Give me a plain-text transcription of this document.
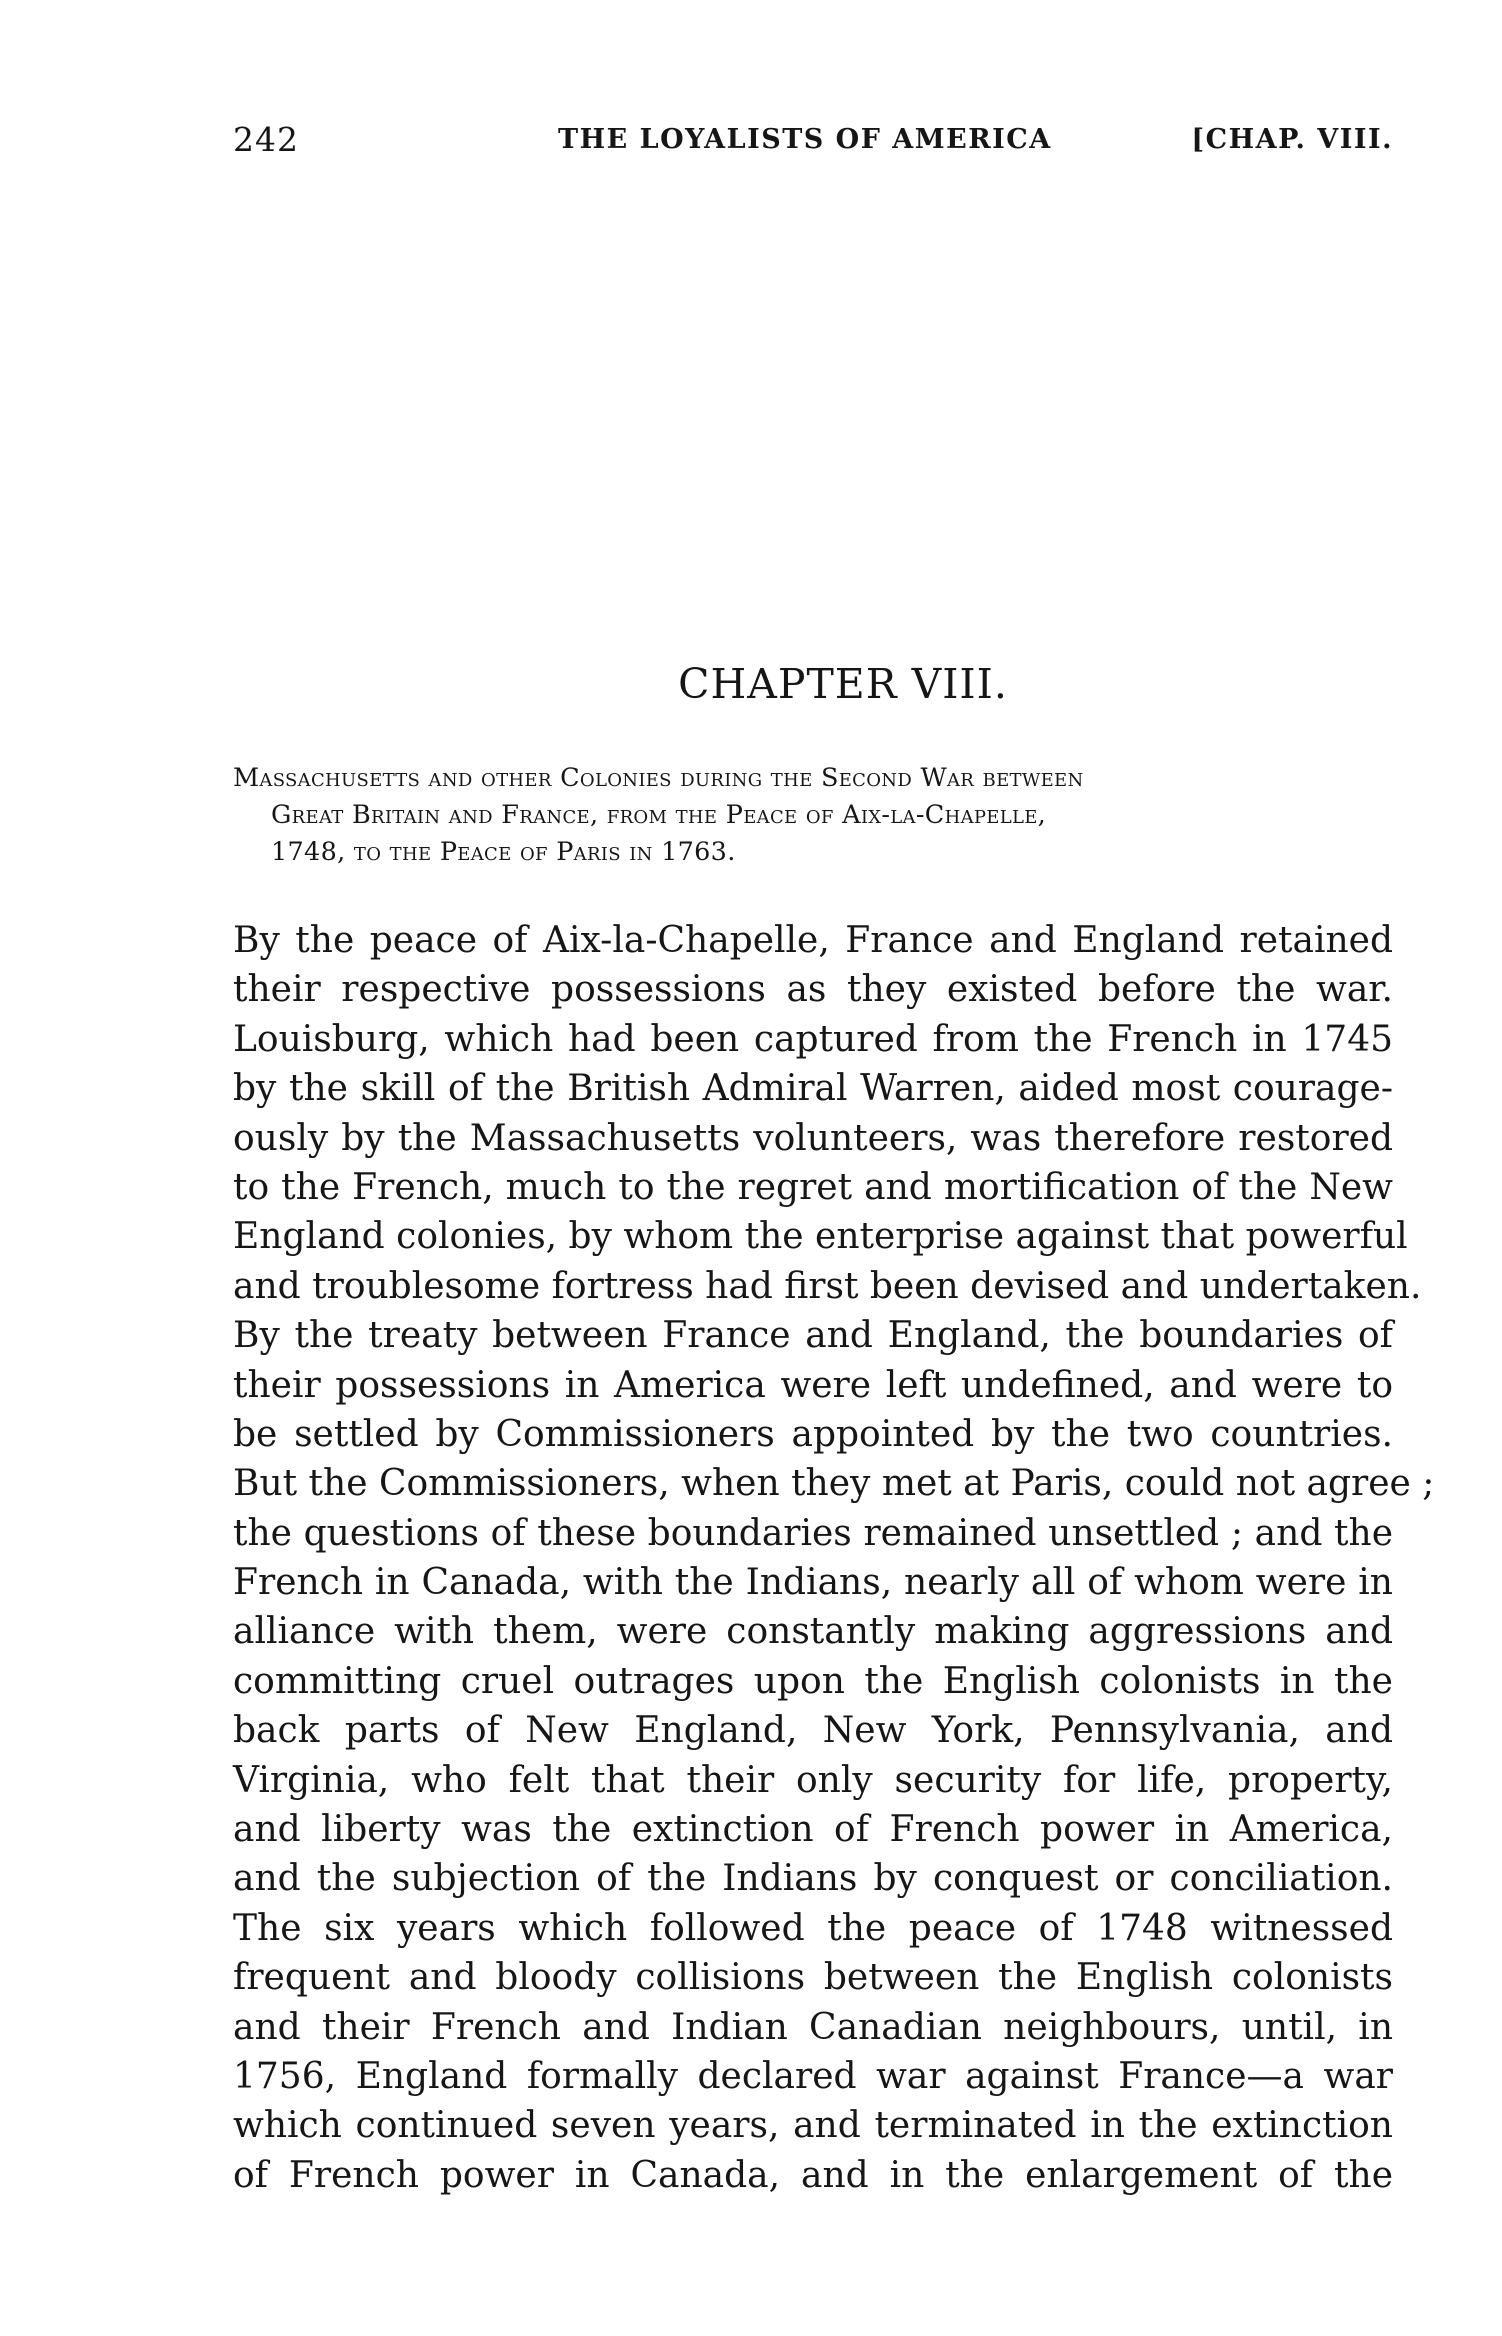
242	THE LOYALISTS OF AMERICA	[CHAP. VIII.
CHAPTER VIII.
Massachusetts and other Colonies during the Second War between
Great Britain and France, from the Peace of Aix-la-Chapelle,
1748, to the Peace of Paris in 1763.
By the peace of Aix-la-Chapelle, France and England retained
their respective possessions as they existed before the war.
Louisburg, which had been captured from the French in 1745
by the skill of the British Admiral Warren, aided most courage-
ously by the Massachusetts volunteers, was therefore restored
to the French, much to the regret and mortification of the New
England colonies, by whom the enterprise against that powerful
and troublesome fortress had first been devised and undertaken.
By the treaty between France and England, the boundaries of
their possessions in America were left undefined, and were to
be settled by Commissioners appointed by the two countries.
But the Commissioners, when they met at Paris, could not agree ;
the questions of these boundaries remained unsettled ; and the
French in Canada, with the Indians, nearly all of whom were in
alliance with them, were constantly making aggressions and
committing cruel outrages upon the English colonists in the
back parts of New England, New York, Pennsylvania, and
Virginia, who felt that their only security for life, property,
and liberty was the extinction of French power in America,
and the subjection of the Indians by conquest or conciliation.
The six years which followed the peace of 1748 witnessed
frequent and bloody collisions between the English colonists
and their French and Indian Canadian neighbours, until, in
1756, England formally declared war against France—a war
which continued seven years, and terminated in the extinction
of French power in Canada, and in the enlargement of the
